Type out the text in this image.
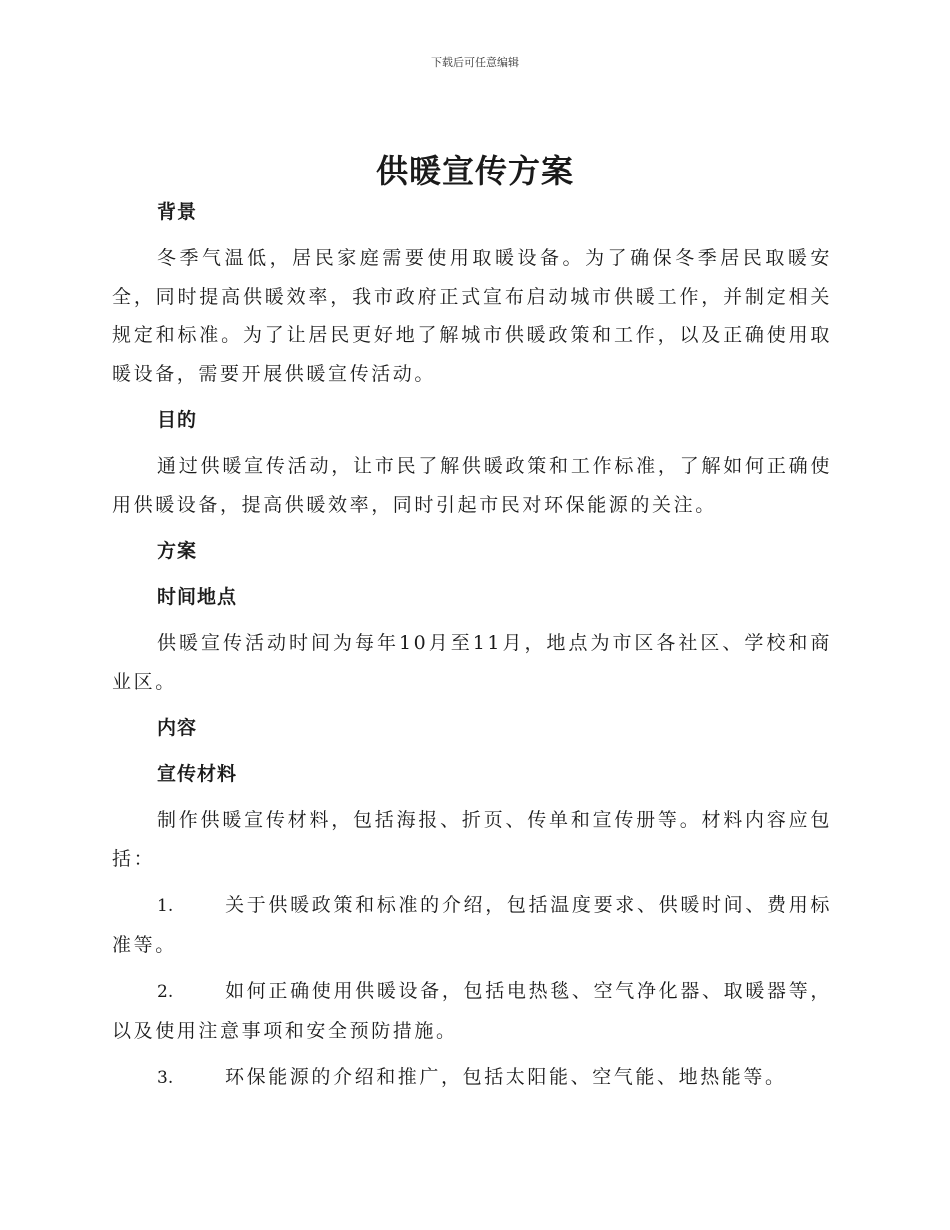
下载后可任意编辑
供暖宣传方案
背景

冬季气温低，居民家庭需要使用取暖设备。为了确保冬季居民取暖安全，同时提高供暖效率，我市政府正式宣布启动城市供暖工作，并制定相关规定和标准。为了让居民更好地了解城市供暖政策和工作，以及正确使用取暖设备，需要开展供暖宣传活动。

目的

通过供暖宣传活动，让市民了解供暖政策和工作标准，了解如何正确使用供暖设备，提高供暖效率，同时引起市民对环保能源的关注。

方案
时间地点

供暖宣传活动时间为每年10月至11月，地点为市区各社区、学校和商业区。

内容
宣传材料

制作供暖宣传材料，包括海报、折页、传单和宣传册等。材料内容应包括：

1.	关于供暖政策和标准的介绍，包括温度要求、供暖时间、费用标准等。

2.	如何正确使用供暖设备，包括电热毯、空气净化器、取暖器等，以及使用注意事项和安全预防措施。

3.	环保能源的介绍和推广，包括太阳能、空气能、地热能等。
